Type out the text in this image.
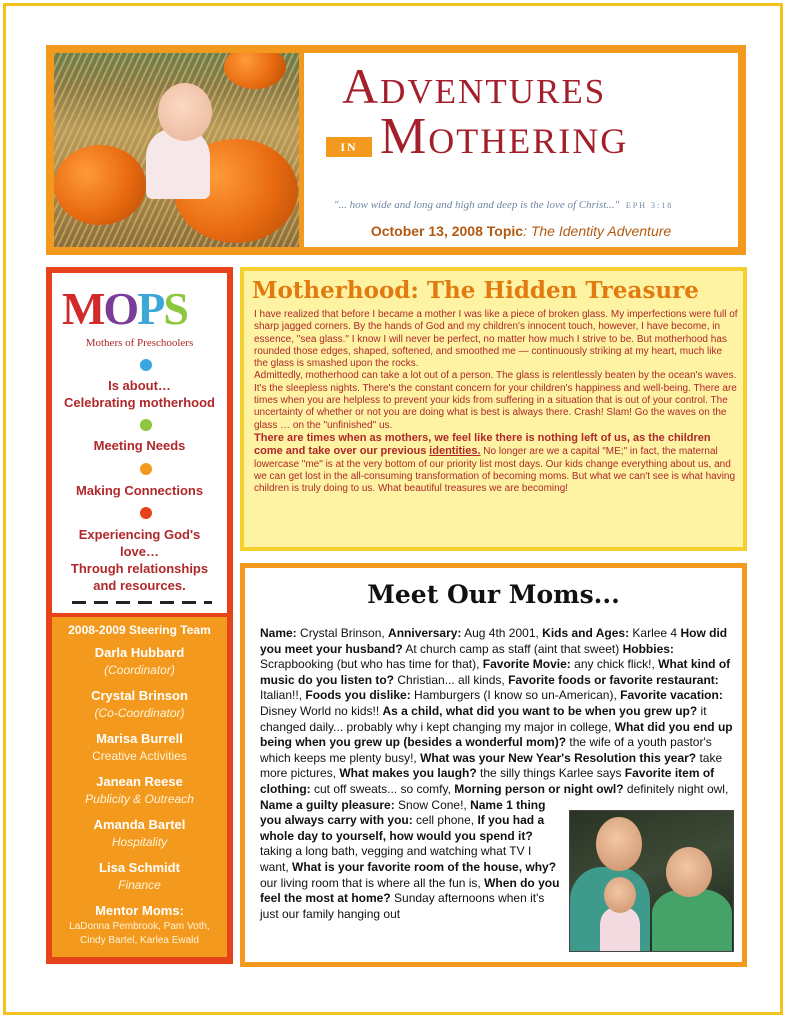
Adventures
IN Mothering
"... how wide and long and high and deep is the love of Christ..." EPH 3:18
October 13, 2008 Topic: The Identity Adventure
MOPS
Mothers of Preschoolers
Is about…
Celebrating motherhood
Meeting Needs
Making Connections
Experiencing God's
love…
Through relationships
and resources.
2008-2009 Steering Team
Darla Hubbard
(Coordinator)
Crystal Brinson
(Co-Coordinator)
Marisa Burrell
Creative Activities
Janean Reese
Publicity & Outreach
Amanda Bartel
Hospitality
Lisa Schmidt
Finance
Mentor Moms:
LaDonna Pembrook, Pam Voth,
Cindy Bartel, Karlea Ewald
Motherhood: The Hidden Treasure
I have realized that before I became a mother I was like a piece of broken glass. My imperfections were full of sharp jagged corners. By the hands of God and my children's innocent touch, however, I have become, in essence, "sea glass." I know I will never be perfect, no matter how much I strive to be. But motherhood has rounded those edges, shaped, softened, and smoothed me — continuously striking at my heart, much like the glass is smashed upon the rocks.
Admittedly, motherhood can take a lot out of a person. The glass is relentlessly beaten by the ocean's waves. It's the sleepless nights. There's the constant concern for your children's happiness and well-being. There are times when you are helpless to prevent your kids from suffering in a situation that is out of your control. The uncertainty of whether or not you are doing what is best is always there. Crash! Slam! Go the waves on the glass … on the "unfinished" us.
There are times when as mothers, we feel like there is nothing left of us, as the children come and take over our previous identities. No longer are we a capital "ME;" in fact, the maternal lowercase "me" is at the very bottom of our priority list most days. Our kids change everything about us, and we can get lost in the all-consuming transformation of becoming moms. But what we can't see is what having children is truly doing to us. What beautiful treasures we are becoming!
Meet Our Moms...
Name: Crystal Brinson, Anniversary: Aug 4th 2001, Kids and Ages: Karlee 4 How did you meet your husband? At church camp as staff (aint that sweet) Hobbies: Scrapbooking (but who has time for that), Favorite Movie: any chick flick!, What kind of music do you listen to? Christian... all kinds, Favorite foods or favorite restaurant: Italian!!, Foods you dislike: Hamburgers (I know so un-American), Favorite vacation: Disney World no kids!! As a child, what did you want to be when you grew up? it changed daily... probably why i kept changing my major in college, What did you end up being when you grew up (besides a wonderful mom)? the wife of a youth pastor's which keeps me plenty busy!, What was your New Year's Resolution this year? take more pictures, What makes you laugh? the silly things Karlee says Favorite item of clothing: cut off sweats... so comfy, Morning person or night owl? definitely night owl, Name a guilty pleasure: Snow Cone!, Name 1 thing you always carry with you: cell phone, If you had a whole day to yourself, how would you spend it? taking a long bath, vegging and watching what TV I want, What is your favorite room of the house, why? our living room that is where all the fun is, When do you feel the most at home? Sunday afternoons when it's just our family hanging out
